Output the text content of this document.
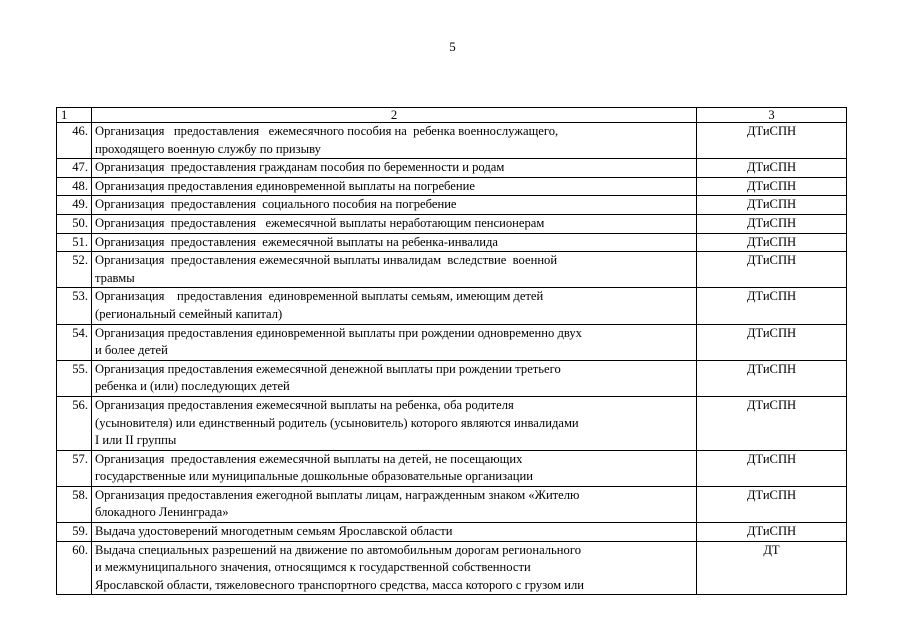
5
1	2	3
46.	Организация   предоставления   ежемесячного пособия на  ребенка военнослужащего,
проходящего военную службу по призыву	ДТиСПН
47.	Организация  предоставления гражданам пособия по беременности и родам	ДТиСПН
48.	Организация предоставления единовременной выплаты на погребение	ДТиСПН
49.	Организация  предоставления  социального пособия на погребение	ДТиСПН
50.	Организация  предоставления   ежемесячной выплаты неработающим пенсионерам	ДТиСПН
51.	Организация  предоставления  ежемесячной выплаты на ребенка-инвалида	ДТиСПН
52.	Организация  предоставления ежемесячной выплаты инвалидам  вследствие  военной
травмы	ДТиСПН
53.	Организация    предоставления  единовременной выплаты семьям, имеющим детей
(региональный семейный капитал)	ДТиСПН
54.	Организация предоставления единовременной выплаты при рождении одновременно двух
и более детей	ДТиСПН
55.	Организация предоставления ежемесячной денежной выплаты при рождении третьего
ребенка и (или) последующих детей	ДТиСПН
56.	Организация предоставления ежемесячной выплаты на ребенка, оба родителя
(усыновителя) или единственный родитель (усыновитель) которого являются инвалидами
I или II группы	ДТиСПН
57.	Организация  предоставления ежемесячной выплаты на детей, не посещающих
государственные или муниципальные дошкольные образовательные организации	ДТиСПН
58.	Организация предоставления ежегодной выплаты лицам, награжденным знаком «Жителю
блокадного Ленинграда»	ДТиСПН
59.	Выдача удостоверений многодетным семьям Ярославской области	ДТиСПН
60.	Выдача специальных разрешений на движение по автомобильным дорогам регионального
и межмуниципального значения, относящимся к государственной собственности
Ярославской области, тяжеловесного транспортного средства, масса которого с грузом или	ДТ
